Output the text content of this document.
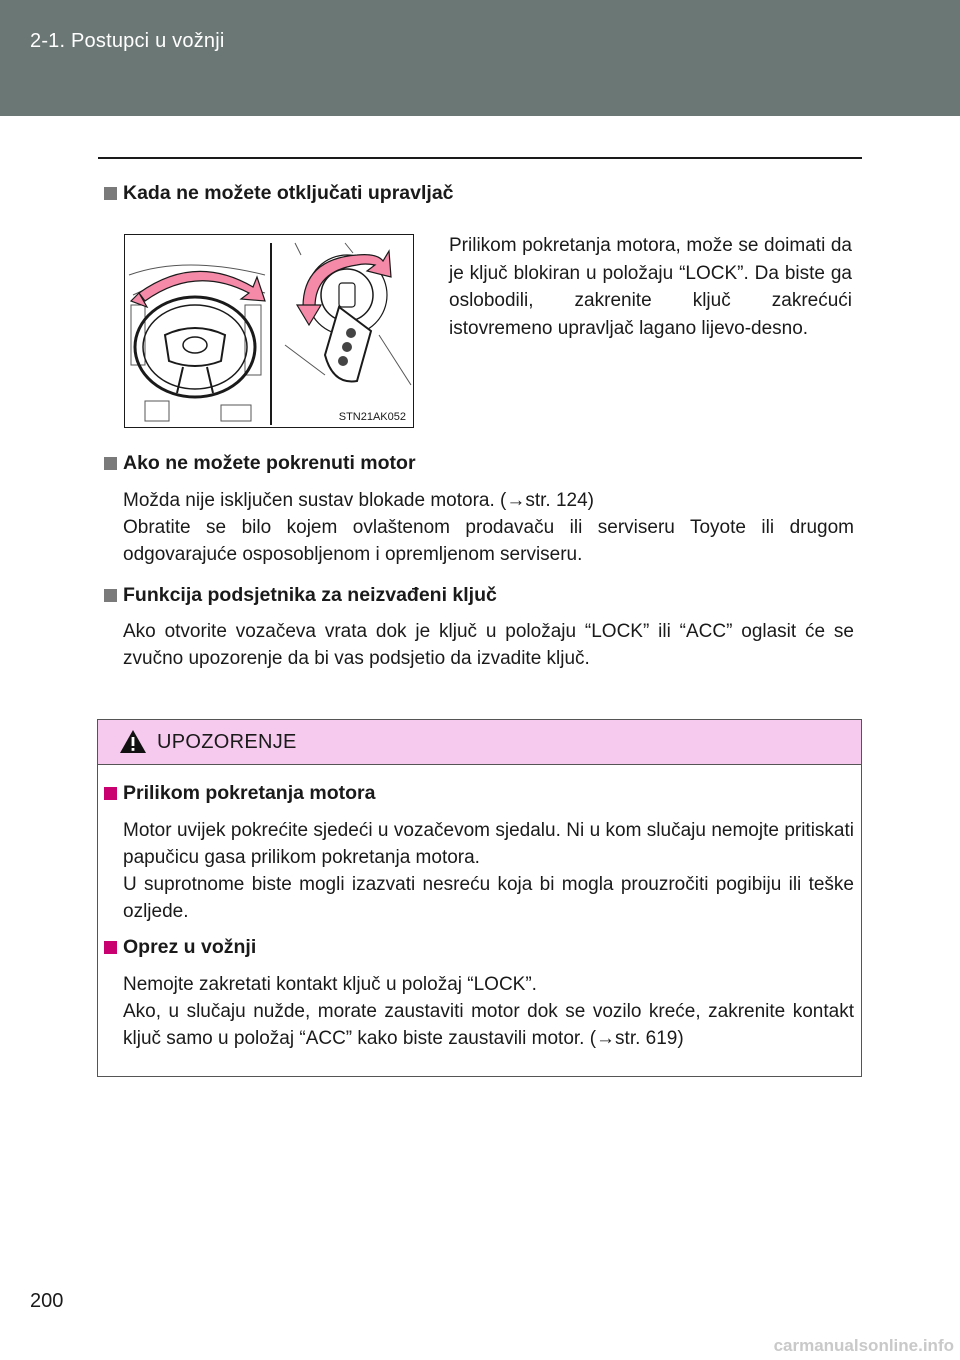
2-1. Postupci u vožnji
Kada ne možete otključati upravljač
STN21AK052
Prilikom pokretanja motora, može se doimati da je ključ blokiran u položaju “LOCK”. Da biste ga oslobodili, zakrenite ključ zakrećući istovremeno upravljač lagano lijevo-desno.
Ako ne možete pokrenuti motor

Možda nije isključen sustav blokade motora. (→str. 124)

Obratite se bilo kojem ovlaštenom prodavaču ili serviseru Toyote ili drugom odgovarajuće osposobljenom i opremljenom serviseru.

Funkcija podsjetnika za neizvađeni ključ
Ako otvorite vozačeva vrata dok je ključ u položaju “LOCK” ili “ACC” oglasit će se zvučno upozorenje da bi vas podsjetio da izvadite ključ.
UPOZORENJE
Prilikom pokretanja motora

Motor uvijek pokrećite sjedeći u vozačevom sjedalu. Ni u kom slučaju nemojte pritiskati papučicu gasa prilikom pokretanja motora.

U suprotnome biste mogli izazvati nesreću koja bi mogla prouzročiti pogibiju ili teške ozljede.

Oprez u vožnji

Nemojte zakretati kontakt ključ u položaj “LOCK”.

Ako, u slučaju nužde, morate zaustaviti motor dok se vozilo kreće, zakrenite kontakt ključ samo u položaj “ACC” kako biste zaustavili motor. (→str. 619)

200
carmanualsonline.info
